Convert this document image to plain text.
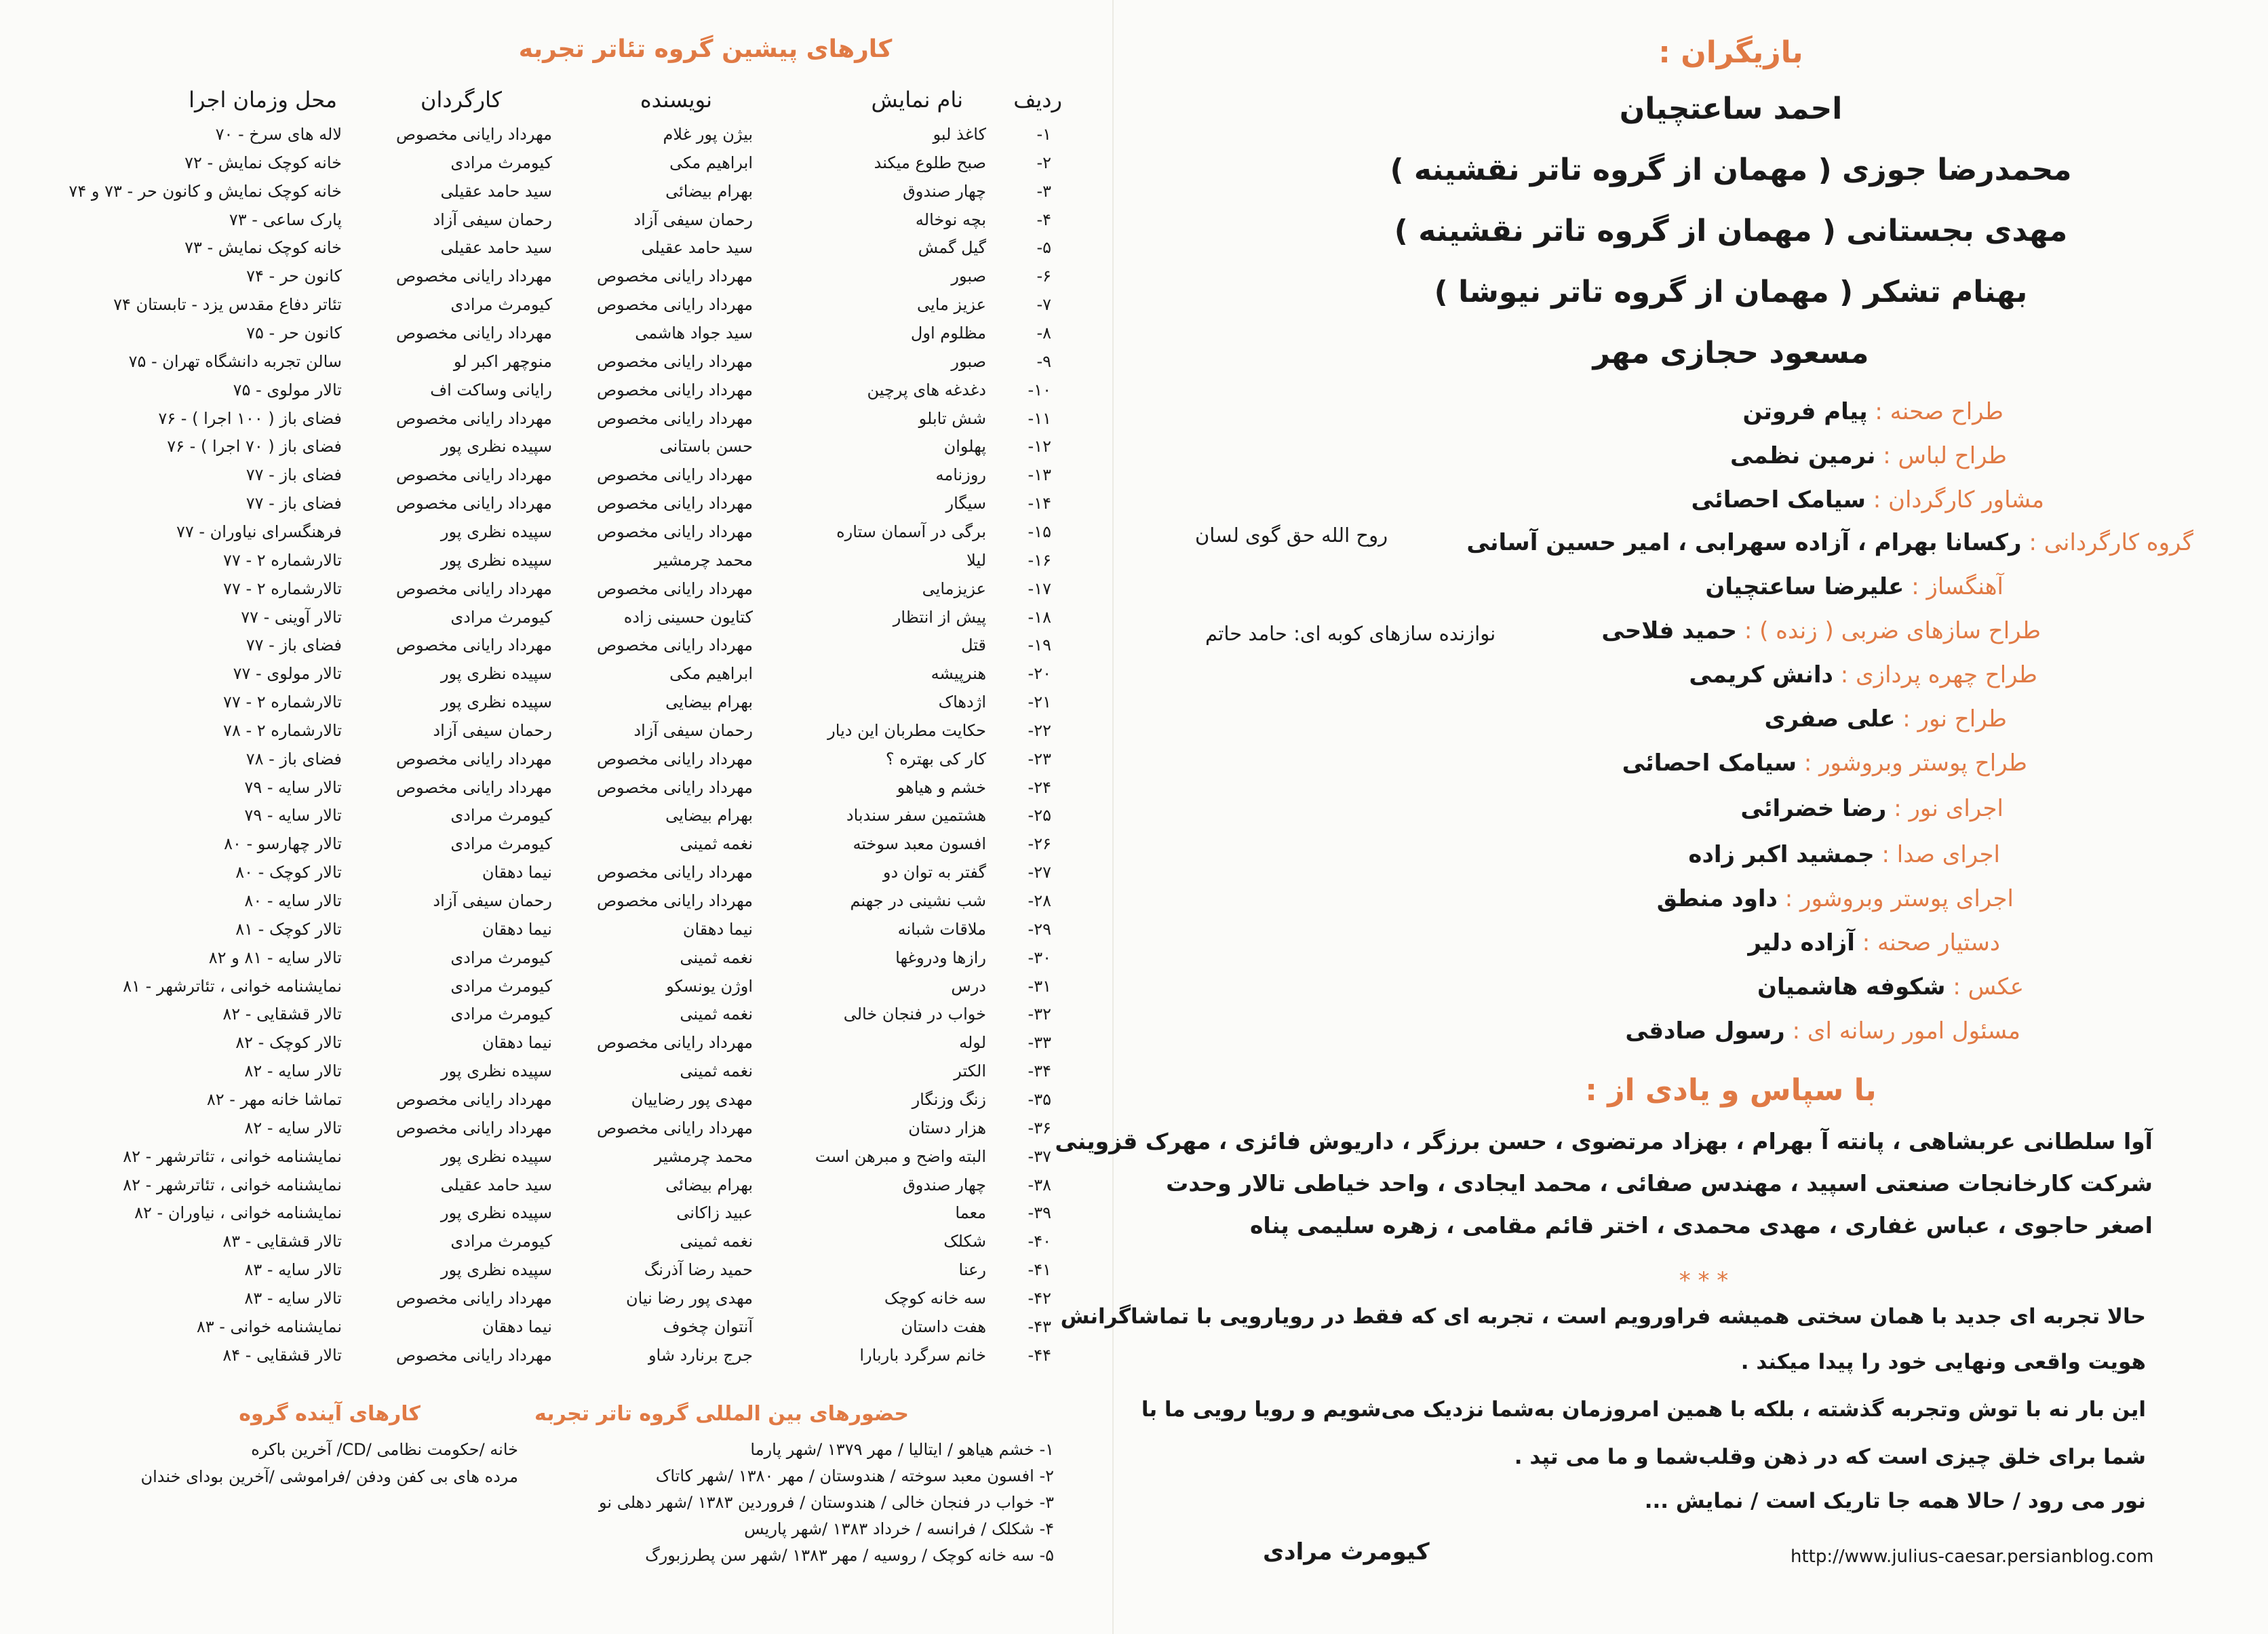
کارهای پیشین گروه تئاتر تجربه
ردیف
نام نمایش
نویسنده
کارگردان
محل وزمان اجرا
۱-
کاغذ لبو
بیژن پور غلام
مهرداد رایانی مخصوص
لاله های سرخ - ۷۰
۲-
صبح طلوع میکند
ابراهیم مکی
کیومرث مرادی
خانه کوچک نمایش - ۷۲
۳-
چهار صندوق
بهرام بیضائی
سید حامد عقیلی
خانه کوچک نمایش و کانون حر - ۷۳ و ۷۴
۴-
بچه نوخاله
رحمان سیفی آزاد
رحمان سیفی آزاد
پارک ساعی - ۷۳
۵-
گیل گمش
سید حامد عقیلی
سید حامد عقیلی
خانه کوچک نمایش - ۷۳
۶-
صبور
مهرداد رایانی مخصوص
مهرداد رایانی مخصوص
کانون حر - ۷۴
۷-
عزیز مایی
مهرداد رایانی مخصوص
کیومرث مرادی
تئاتر دفاع مقدس یزد - تابستان ۷۴
۸-
مظلوم اول
سید جواد هاشمی
مهرداد رایانی مخصوص
کانون حر - ۷۵
۹-
صبور
مهرداد رایانی مخصوص
منوچهر اکبر لو
سالن تجربه دانشگاه تهران - ۷۵
۱۰-
دغدغه های پرچین
مهرداد رایانی مخصوص
رایانی وساکت اف
تالار مولوی - ۷۵
۱۱-
شش تابلو
مهرداد رایانی مخصوص
مهرداد رایانی مخصوص
فضای باز ( ۱۰۰ اجرا ) - ۷۶
۱۲-
پهلوان
حسن باستانی
سپیده نظری پور
فضای باز ( ۷۰ اجرا ) - ۷۶
۱۳-
روزنامه
مهرداد رایانی مخصوص
مهرداد رایانی مخصوص
فضای باز - ۷۷
۱۴-
سیگار
مهرداد رایانی مخصوص
مهرداد رایانی مخصوص
فضای باز - ۷۷
۱۵-
برگی در آسمان ستاره
مهرداد رایانی مخصوص
سپیده نظری پور
فرهنگسرای نیاوران - ۷۷
۱۶-
لیلا
محمد چرمشیر
سپیده نظری پور
تالارشماره ۲ - ۷۷
۱۷-
عزیزمایی
مهرداد رایانی مخصوص
مهرداد رایانی مخصوص
تالارشماره ۲ - ۷۷
۱۸-
پیش از انتظار
کتایون حسینی زاده
کیومرث مرادی
تالار آوینی - ۷۷
۱۹-
قتل
مهرداد رایانی مخصوص
مهرداد رایانی مخصوص
فضای باز - ۷۷
۲۰-
هنرپیشه
ابراهیم مکی
سپیده نظری پور
تالار مولوی - ۷۷
۲۱-
اژدهاک
بهرام بیضایی
سپیده نظری پور
تالارشماره ۲ - ۷۷
۲۲-
حکایت مطربان این دیار
رحمان سیفی آزاد
رحمان سیفی آزاد
تالارشماره ۲ - ۷۸
۲۳-
کار کی بهتره ؟
مهرداد رایانی مخصوص
مهرداد رایانی مخصوص
فضای باز - ۷۸
۲۴-
خشم و هیاهو
مهرداد رایانی مخصوص
مهرداد رایانی مخصوص
تالار سایه - ۷۹
۲۵-
هشتمین سفر سندباد
بهرام بیضایی
کیومرث مرادی
تالار سایه - ۷۹
۲۶-
افسون معبد سوخته
نغمه ثمینی
کیومرث مرادی
تالار چهارسو - ۸۰
۲۷-
گفتر به توان دو
مهرداد رایانی مخصوص
نیما دهقان
تالار کوچک - ۸۰
۲۸-
شب نشینی در جهنم
مهرداد رایانی مخصوص
رحمان سیفی آزاد
تالار سایه - ۸۰
۲۹-
ملاقات شبانه
نیما دهقان
نیما دهقان
تالار کوچک - ۸۱
۳۰-
رازها ودروغها
نغمه ثمینی
کیومرث مرادی
تالار سایه - ۸۱ و ۸۲
۳۱-
درس
اوژن یونسکو
کیومرث مرادی
نمایشنامه خوانی ، تئاترشهر - ۸۱
۳۲-
خواب در فنجان خالی
نغمه ثمینی
کیومرث مرادی
تالار قشقایی - ۸۲
۳۳-
لوله
مهرداد رایانی مخصوص
نیما دهقان
تالار کوچک - ۸۲
۳۴-
الکتر
نغمه ثمینی
سپیده نظری پور
تالار سایه - ۸۲
۳۵-
زنگ وزنگار
مهدی پور رضاییان
مهرداد رایانی مخصوص
تماشا خانه مهر - ۸۲
۳۶-
هزار دستان
مهرداد رایانی مخصوص
مهرداد رایانی مخصوص
تالار سایه - ۸۲
۳۷-
البته واضح و مبرهن است
محمد چرمشیر
سپیده نظری پور
نمایشنامه خوانی ، تئاترشهر - ۸۲
۳۸-
چهار صندوق
بهرام بیضائی
سید حامد عقیلی
نمایشنامه خوانی ، تئاترشهر - ۸۲
۳۹-
معما
عبید زاکانی
سپیده نظری پور
نمایشنامه خوانی ، نیاوران - ۸۲
۴۰-
شکلک
نغمه ثمینی
کیومرث مرادی
تالار قشقایی - ۸۳
۴۱-
رعنا
حمید رضا آذرنگ
سپیده نظری پور
تالار سایه - ۸۳
۴۲-
سه خانه کوچک
مهدی پور رضا نیان
مهرداد رایانی مخصوص
تالار سایه - ۸۳
۴۳-
هفت داستان
آنتوان چخوف
نیما دهقان
نمایشنامه خوانی - ۸۳
۴۴-
خانم سرگرد باربارا
جرج برنارد شاو
مهرداد رایانی مخصوص
تالار قشقایی - ۸۴
حضورهای بین المللی گروه تاتر تجربه
۱- خشم هیاهو / ایتالیا / مهر ۱۳۷۹ /شهر پارما
۲- افسون معبد سوخته / هندوستان / مهر ۱۳۸۰ /شهر کاتاک
۳- خواب در فنجان خالی / هندوستان / فروردین ۱۳۸۳ /شهر دهلی نو
۴- شکلک / فرانسه / خرداد ۱۳۸۳ /شهر پاریس
۵- سه خانه کوچک / روسیه / مهر ۱۳۸۳ /شهر سن پطرزبورگ
کارهای آینده گروه
خانه /حکومت نظامی /CD/ آخرین باکره
مرده های بی کفن ودفن /فراموشی /آخرین بودای خندان
بازیگران :
احمد ساعتچیان
محمدرضا جوزی ( مهمان از گروه تاتر نقشینه )
مهدی بجستانی ( مهمان از گروه تاتر نقشینه )
بهنام تشکر ( مهمان از گروه تاتر نیوشا )
مسعود حجازی مهر
طراح صحنه : پیام فروتن
طراح لباس : نرمین نظمی
مشاور کارگردان : سیامک احصائی
گروه کارگردانی : رکسانا بهرام ، آزاده سهرابی ، امیر حسین آسانی
آهنگساز : علیرضا ساعتچیان
طراح سازهای ضربی ( زنده ) : حمید فلاحی
طراح چهره پردازی : دانش کریمی
طراح نور : علی صفری
طراح پوستر وبروشور : سیامک احصائی
اجرای نور : رضا خضرائی
اجرای صدا : جمشید اکبر زاده
اجرای پوستر وبروشور : داود منطق
دستیار صحنه : آزاده دلیر
عکس : شکوفه هاشمیان
مسئول امور رسانه ای : رسول صادقی
روح الله حق گوی لسان
نوازنده سازهای کوبه ای: حامد حاتم
با سپاس و یادی از :
آوا سلطانی عربشاهی ، پانته آ بهرام ، بهزاد مرتضوی ، حسن برزگر ، داریوش فائزی ، مهرک قزوینی
شرکت کارخانجات صنعتی اسپید ، مهندس صفائی ، محمد ایجادی ، واحد خیاطی تالار وحدت
اصغر حاجوی ، عباس غفاری ، مهدی محمدی ، اختر قائم مقامی ، زهره سلیمی پناه
* * *
حالا تجربه ای جدید با همان سختی همیشه فراورویم است ، تجربه ای که فقط در رویارویی با تماشاگرانش
هویت واقعی ونهایی خود را پیدا میکند .
این بار نه با توش وتجربه گذشته ، بلکه با همین امروزمان به‌شما نزدیک می‌شویم و رویا رویی ما با
شما برای خلق چیزی است که در ذهن وقلب‌شما و ما می تپد .
نور می رود / حالا همه جا تاریک است / نمایش ...
کیومرث مرادی	http://www.julius-caesar.persianblog.com
